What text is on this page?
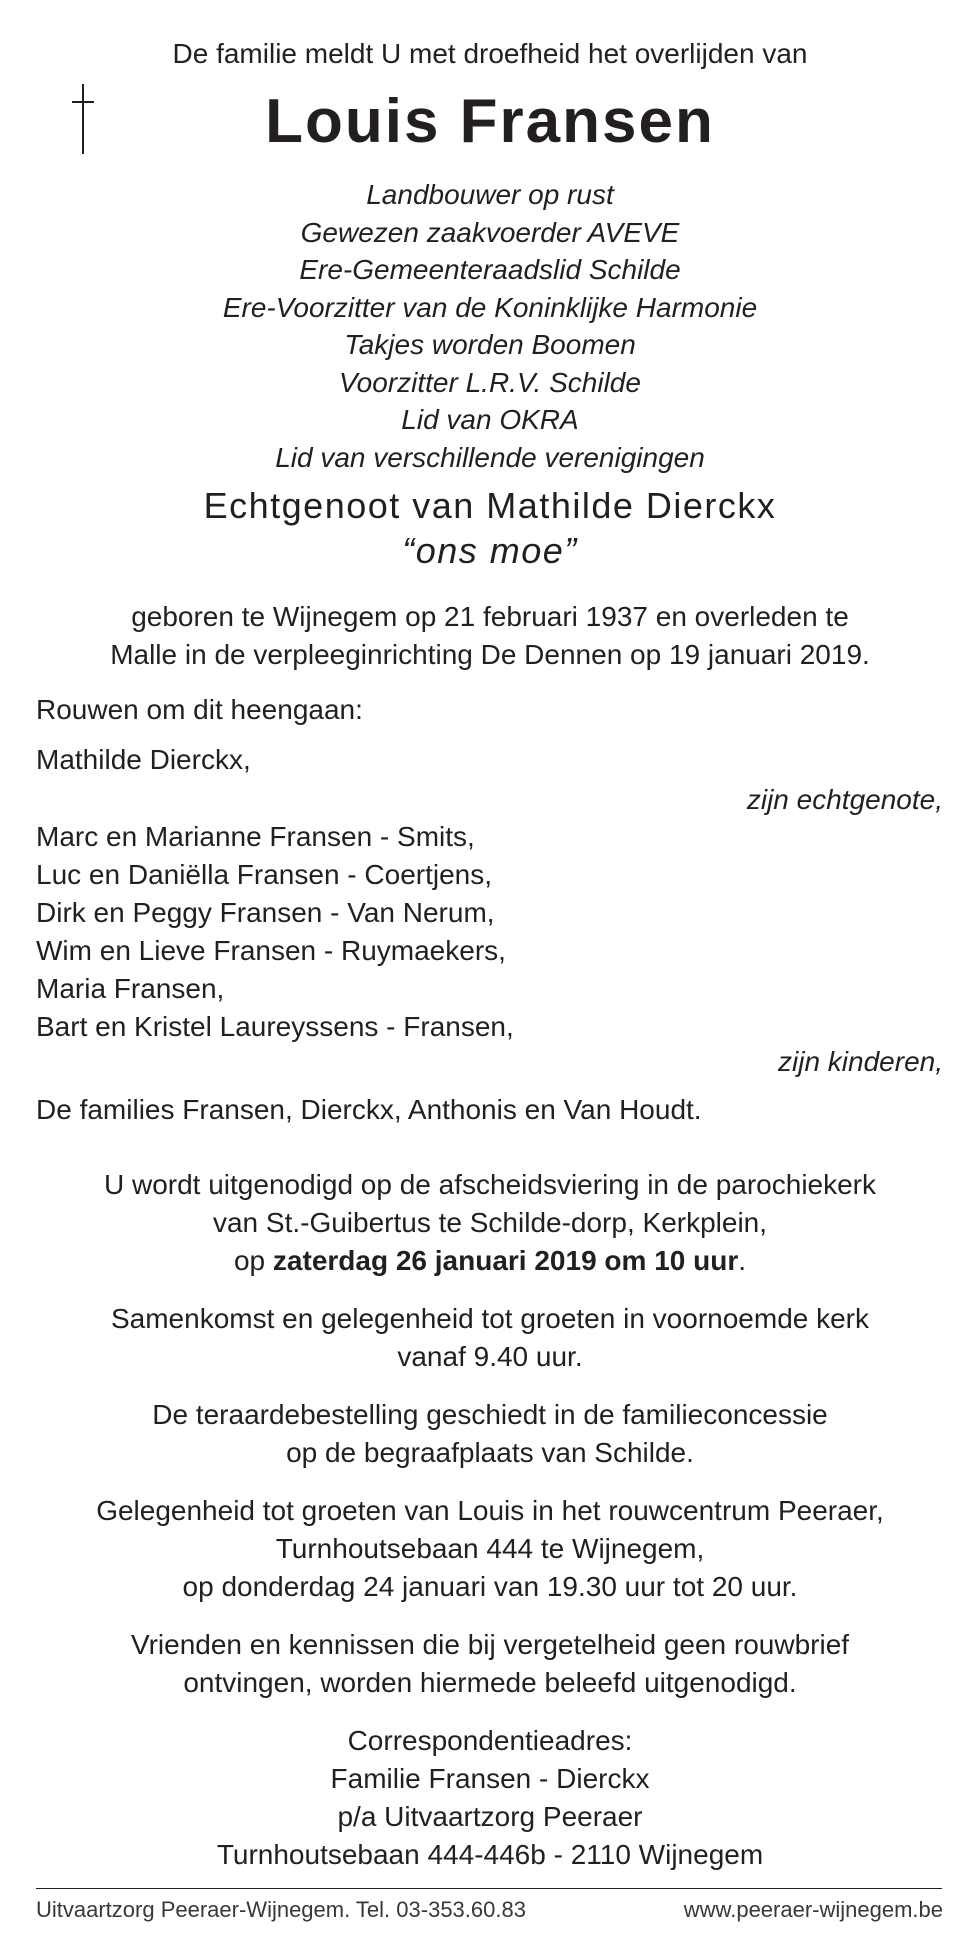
De familie meldt U met droefheid het overlijden van
Louis Fransen
Landbouwer op rust
Gewezen zaakvoerder AVEVE
Ere-Gemeenteraadslid Schilde
Ere-Voorzitter van de Koninklijke Harmonie
Takjes worden Boomen
Voorzitter L.R.V. Schilde
Lid van OKRA
Lid van verschillende verenigingen
Echtgenoot van Mathilde Dierckx
“ons moe”
geboren te Wijnegem op 21 februari 1937 en overleden te
Malle in de verpleeginrichting De Dennen op 19 januari 2019.
Rouwen om dit heengaan:
Mathilde Dierckx,
zijn echtgenote,
Marc en Marianne Fransen - Smits,
Luc en Daniëlla Fransen - Coertjens,
Dirk en Peggy Fransen - Van Nerum,
Wim en Lieve Fransen - Ruymaekers,
Maria Fransen,
Bart en Kristel Laureyssens - Fransen,
zijn kinderen,
De families Fransen, Dierckx, Anthonis en Van Houdt.
U wordt uitgenodigd op de afscheidsviering in de parochiekerk
van St.-Guibertus te Schilde-dorp, Kerkplein,
op zaterdag 26 januari 2019 om 10 uur.
Samenkomst en gelegenheid tot groeten in voornoemde kerk
vanaf 9.40 uur.
De teraardebestelling geschiedt in de familieconcessie
op de begraafplaats van Schilde.
Gelegenheid tot groeten van Louis in het rouwcentrum Peeraer,
Turnhoutsebaan 444 te Wijnegem,
op donderdag 24 januari van 19.30 uur tot 20 uur.
Vrienden en kennissen die bij vergetelheid geen rouwbrief
ontvingen, worden hiermede beleefd uitgenodigd.
Correspondentieadres:
Familie Fransen - Dierckx
p/a Uitvaartzorg Peeraer
Turnhoutsebaan 444-446b - 2110 Wijnegem
Uitvaartzorg Peeraer-Wijnegem. Tel. 03-353.60.83	www.peeraer-wijnegem.be
